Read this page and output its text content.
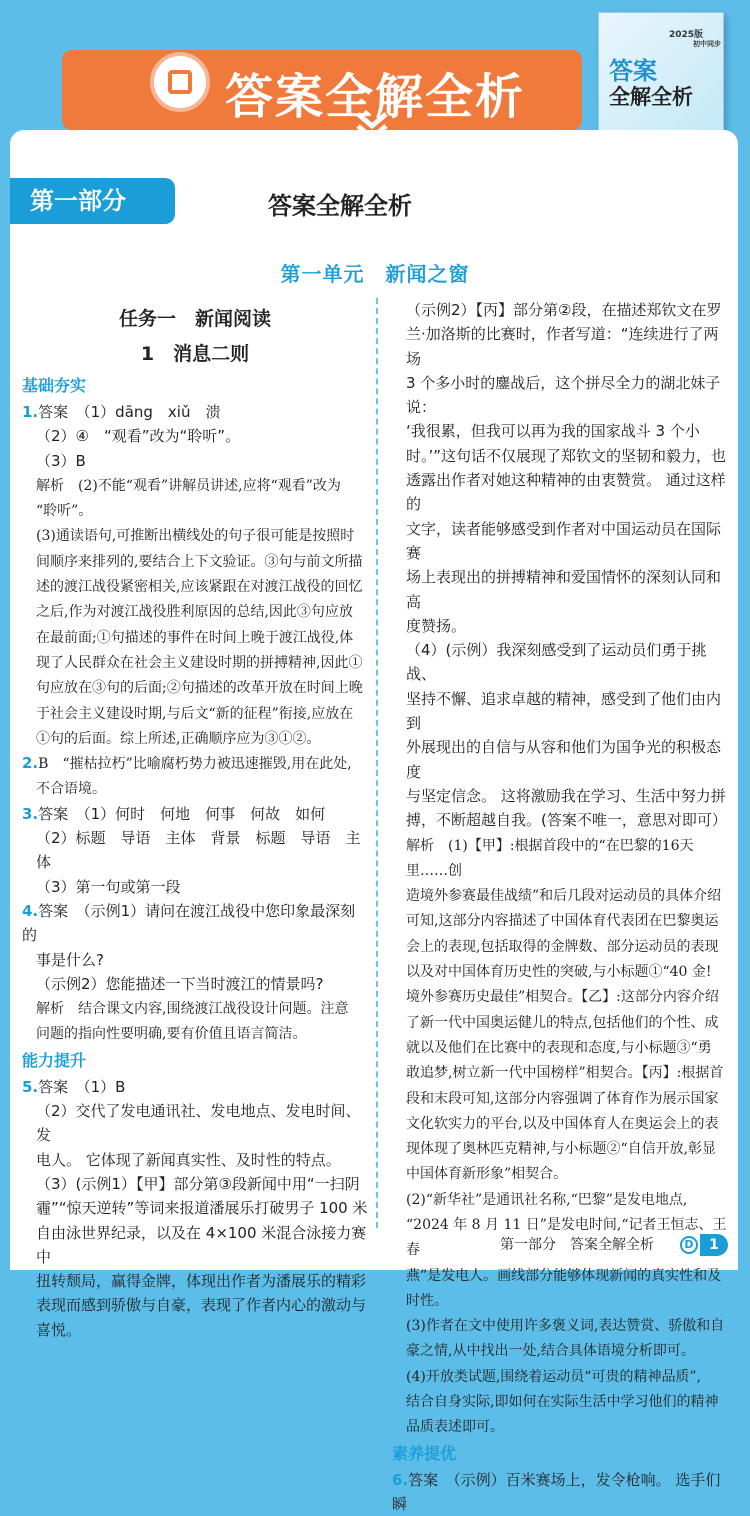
答案全解全析
2025版
初中同步
答案
全解全析
第一部分	答案全解全析
第一单元　新闻之窗
任务一　新闻阅读
1　消息二则
基础夯实
1.答案　（1）dāng　xiǔ　溃
（2）④　“观看”改为“聆听”。
（3）B
解析　(2)不能“观看”讲解员讲述,应将“观看”改为
“聆听”。
(3)通读语句,可推断出横线处的句子很可能是按照时
间顺序来排列的,要结合上下文验证。③句与前文所描
述的渡江战役紧密相关,应该紧跟在对渡江战役的回忆
之后,作为对渡江战役胜利原因的总结,因此③句应放
在最前面;①句描述的事件在时间上晚于渡江战役,体
现了人民群众在社会主义建设时期的拼搏精神,因此①
句应放在③句的后面;②句描述的改革开放在时间上晚
于社会主义建设时期,与后文“新的征程”衔接,应放在
①句的后面。综上所述,正确顺序应为③①②。
2.B　“摧枯拉朽”比喻腐朽势力被迅速摧毁,用在此处,
不合语境。
3.答案　（1）何时　何地　何事　何故　如何
（2）标题　导语　主体　背景　标题　导语　主体
（3）第一句或第一段
4.答案　（示例1）请问在渡江战役中您印象最深刻的
事是什么?
（示例2）您能描述一下当时渡江的情景吗?
解析　结合课文内容,围绕渡江战役设计问题。注意
问题的指向性要明确,要有价值且语言简洁。
能力提升
5.答案　（1）B
（2）交代了发电通讯社、发电地点、发电时间、发
电人。 它体现了新闻真实性、及时性的特点。
（3）(示例1）【甲】部分第③段新闻中用“一扫阴
霾”“惊天逆转”等词来报道潘展乐打破男子 100 米
自由泳世界纪录，以及在 4×100 米混合泳接力赛中
扭转颓局，赢得金牌，体现出作者为潘展乐的精彩
表现而感到骄傲与自豪，表现了作者内心的激动与
喜悦。
（示例2）【丙】部分第②段，在描述郑钦文在罗
兰·加洛斯的比赛时，作者写道：“连续进行了两场
3 个多小时的鏖战后，这个拼尽全力的湖北妹子说：
‘我很累，但我可以再为我的国家战斗 3 个小
时。’”这句话不仅展现了郑钦文的坚韧和毅力，也
透露出作者对她这种精神的由衷赞赏。 通过这样的
文字，读者能够感受到作者对中国运动员在国际赛
场上表现出的拼搏精神和爱国情怀的深刻认同和高
度赞扬。
（4）(示例）我深刻感受到了运动员们勇于挑战、
坚持不懈、追求卓越的精神，感受到了他们由内到
外展现出的自信与从容和他们为国争光的积极态度
与坚定信念。 这将激励我在学习、生活中努力拼
搏，不断超越自我。(答案不唯一，意思对即可）
解析　(1)【甲】:根据首段中的“在巴黎的16天里……创
造境外参赛最佳战绩”和后几段对运动员的具体介绍
可知,这部分内容描述了中国体育代表团在巴黎奥运
会上的表现,包括取得的金牌数、部分运动员的表现
以及对中国体育历史性的突破,与小标题①“40 金!
境外参赛历史最佳”相契合。【乙】:这部分内容介绍
了新一代中国奥运健儿的特点,包括他们的个性、成
就以及他们在比赛中的表现和态度,与小标题③“勇
敢追梦,树立新一代中国榜样”相契合。【丙】:根据首
段和末段可知,这部分内容强调了体育作为展示国家
文化软实力的平台,以及中国体育人在奥运会上的表
现体现了奥林匹克精神,与小标题②“自信开放,彰显
中国体育新形象”相契合。
(2)“新华社”是通讯社名称,“巴黎”是发电地点,
“2024 年 8 月 11 日”是发电时间,“记者王恒志、王春
燕”是发电人。画线部分能够体现新闻的真实性和及
时性。
(3)作者在文中使用许多褒义词,表达赞赏、骄傲和自
豪之情,从中找出一处,结合具体语境分析即可。
(4)开放类试题,围绕着运动员“可贵的精神品质”,
结合自身实际,即如何在实际生活中学习他们的精神
品质表述即可。
素养提优
6.答案　（示例）百米赛场上，发令枪响。 选手们瞬
第一部分　答案全解全析	D	1
